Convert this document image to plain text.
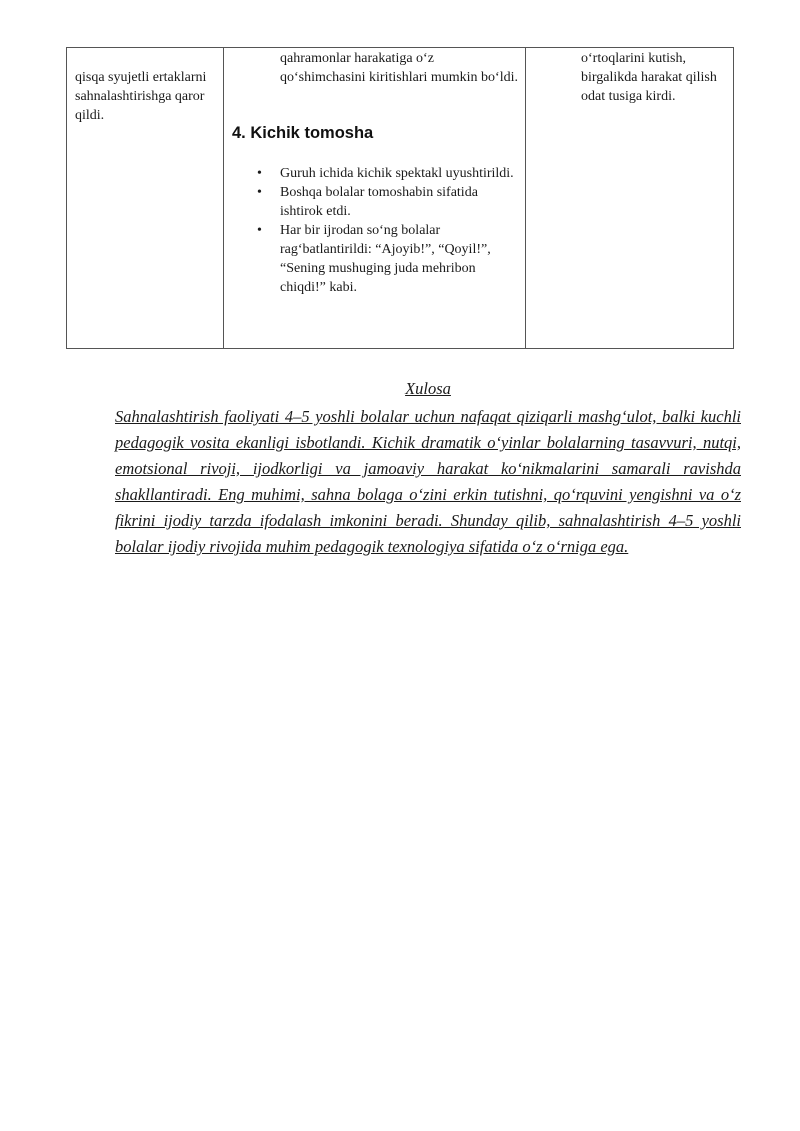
qisqa syujetli ertaklarni sahnalashtirishga qaror qildi.
qahramonlar harakatiga o‘z qo‘shimchasini kiritishlari mumkin bo‘ldi.
4. Kichik tomosha
• Guruh ichida kichik spektakl uyushtirildi.
• Boshqa bolalar tomoshabin sifatida ishtirok etdi.
• Har bir ijrodan so‘ng bolalar rag‘batlantirildi: “Ajoyib!”, “Qoyil!”, “Sening mushuging juda mehribon chiqdi!” kabi.
o‘rtoqlarini kutish, birgalikda harakat qilish odat tusiga kirdi.
Xulosa
Sahnalashtirish faoliyati 4–5 yoshli bolalar uchun nafaqat qiziqarli mashg‘ulot, balki kuchli pedagogik vosita ekanligi isbotlandi. Kichik dramatik o‘yinlar bolalarning tasavvuri, nutqi, emotsional rivoji, ijodkorligi va jamoaviy harakat ko‘nikmalarini samarali ravishda shakllantiradi. Eng muhimi, sahna bolaga o‘zini erkin tutishni, qo‘rquvini yengishni va o‘z fikrini ijodiy tarzda ifodalash imkonini beradi. Shunday qilib, sahnalashtirish 4–5 yoshli bolalar ijodiy rivojida muhim pedagogik texnologiya sifatida o‘z o‘rniga ega.
